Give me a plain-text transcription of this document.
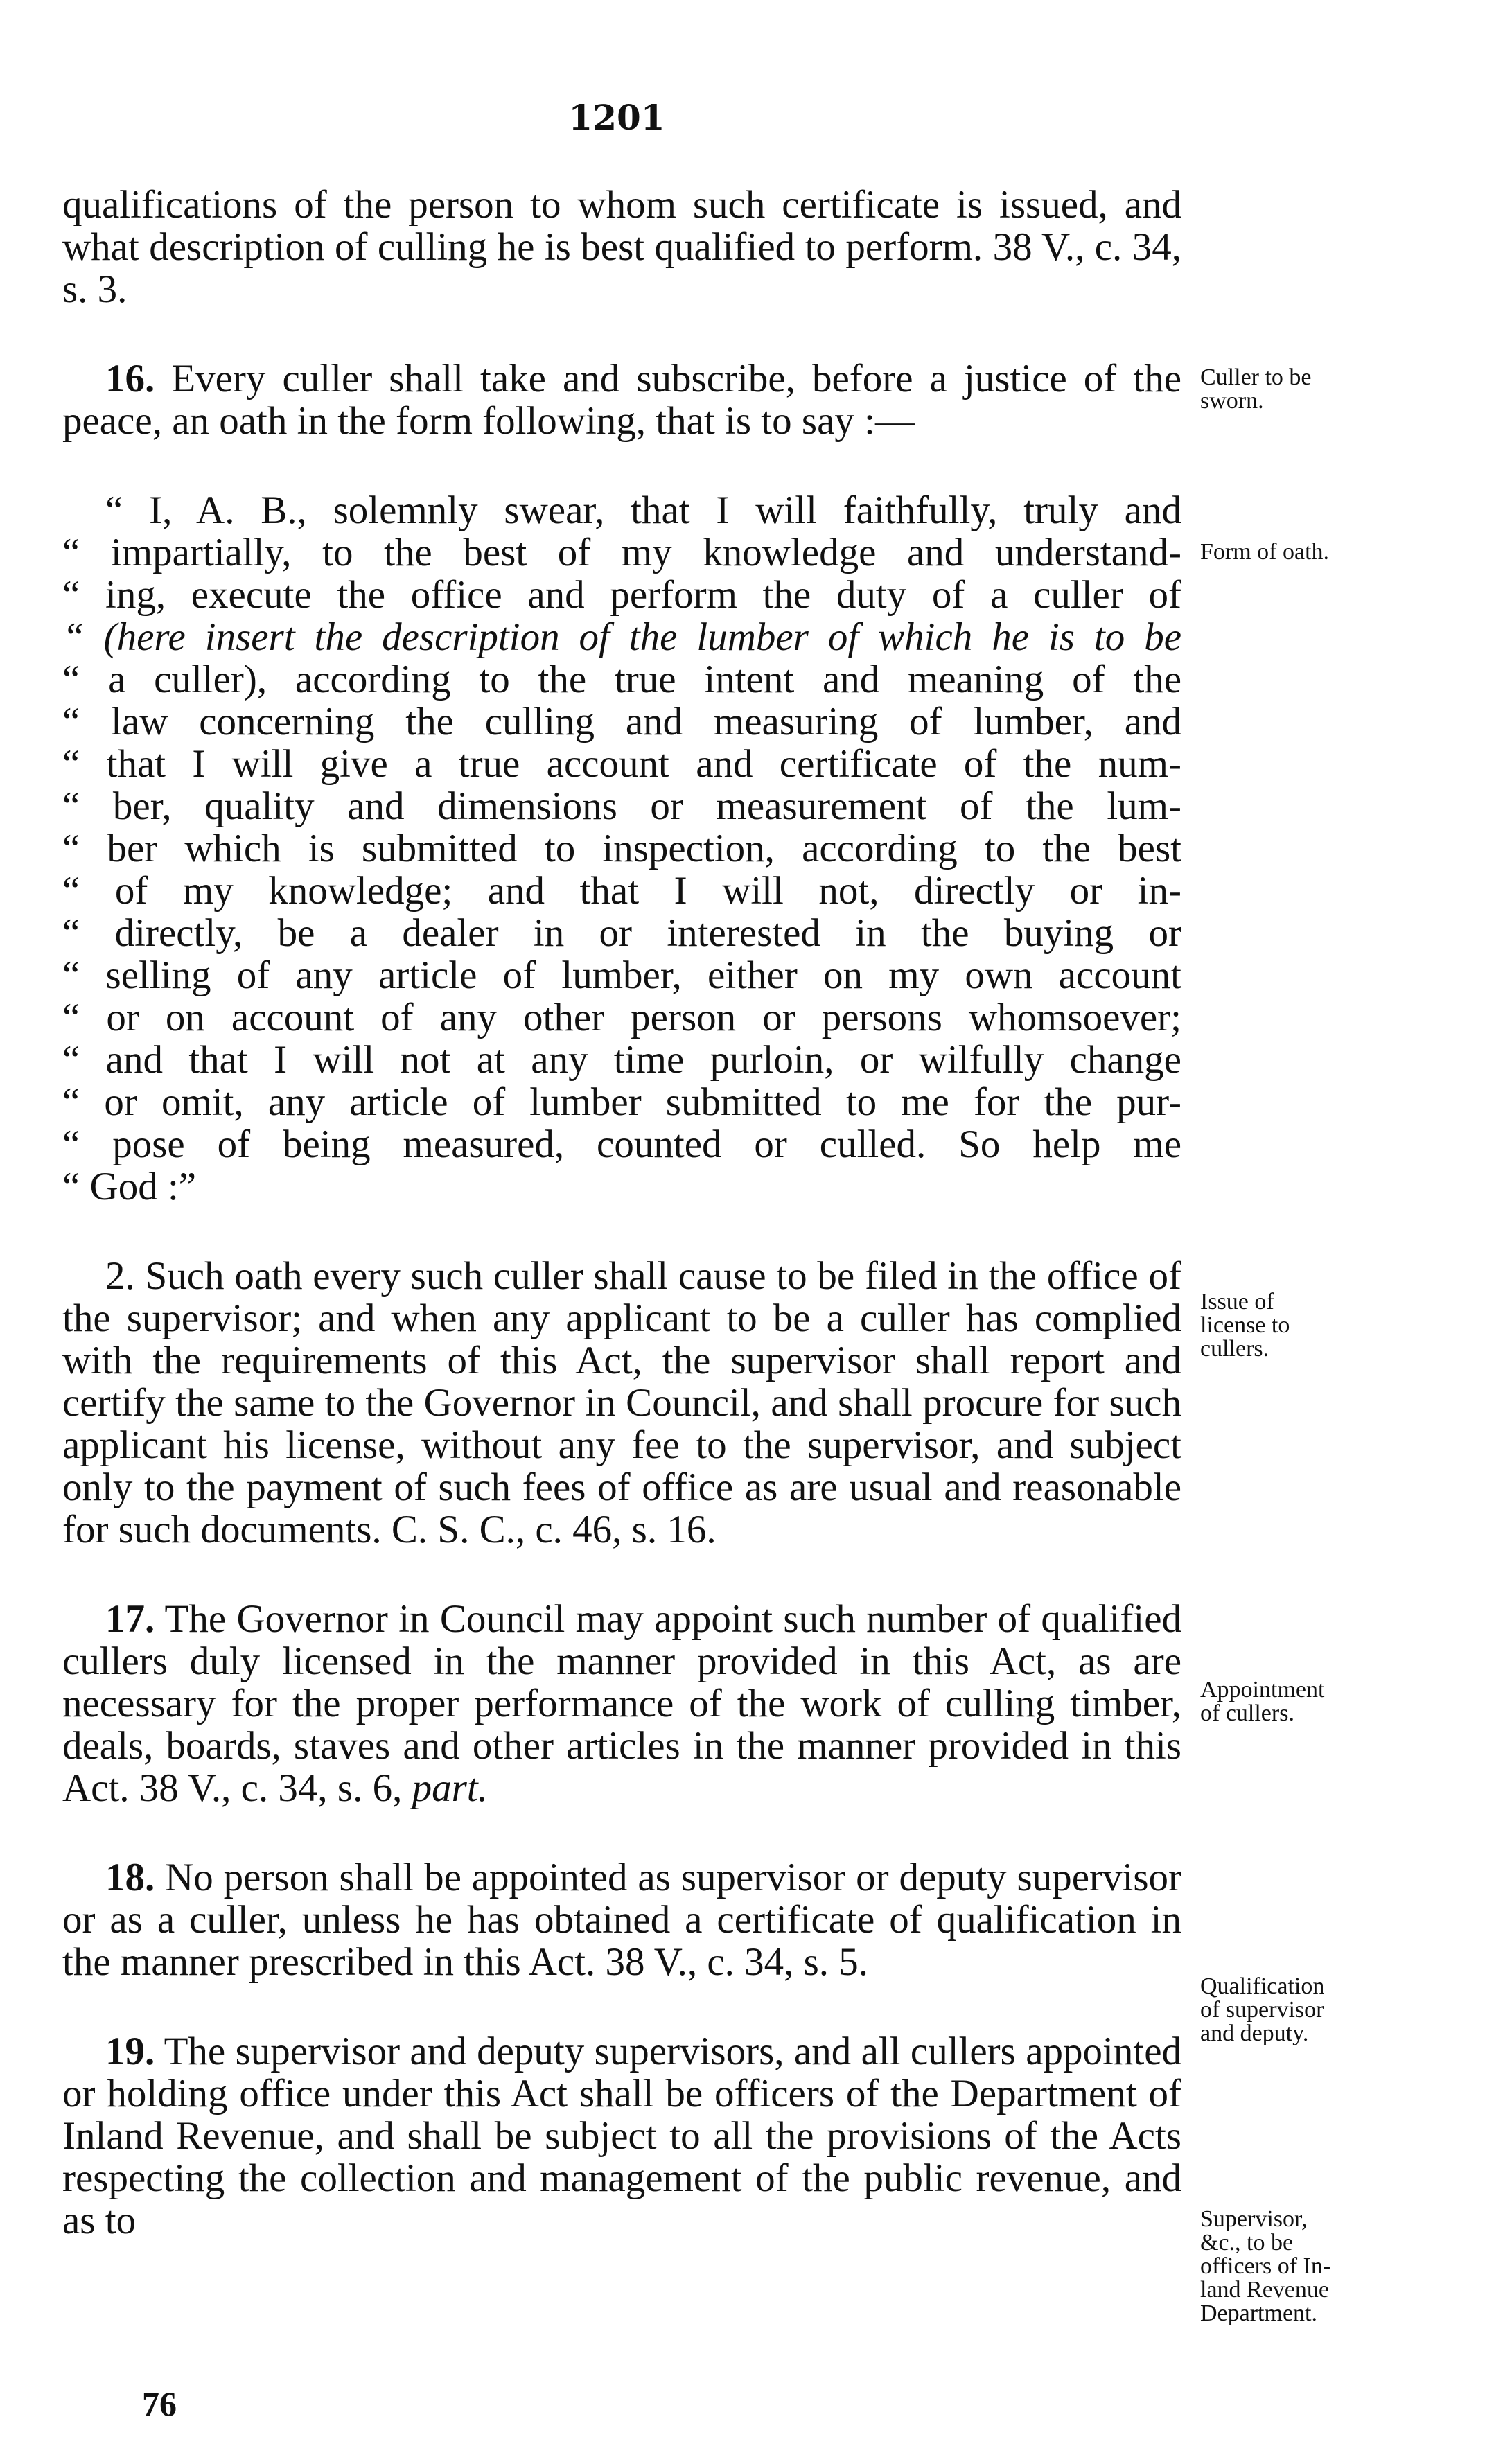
1201

qualifications of the person to whom such certificate is issued, and what description of culling he is best qualified to perform. 38 V., c. 34, s. 3.

16. Every culler shall take and subscribe, before a justice of the peace, an oath in the form following, that is to say :—

“ I, A. B., solemnly swear, that I will faithfully, truly and
“ impartially, to the best of my knowledge and understand-
“ ing, execute the office and perform the duty of a culler of
“ (here insert the description of the lumber of which he is to be
“ a culler), according to the true intent and meaning of the
“ law concerning the culling and measuring of lumber, and
“ that I will give a true account and certificate of the num-
“ ber, quality and dimensions or measurement of the lum-
“ ber which is submitted to inspection, according to the best
“ of my knowledge; and that I will not, directly or in-
“ directly, be a dealer in or interested in the buying or
“ selling of any article of lumber, either on my own account
“ or on account of any other person or persons whomsoever;
“ and that I will not at any time purloin, or wilfully change
“ or omit, any article of lumber submitted to me for the pur-
“ pose of being measured, counted or culled. So help me
“ God :”

2. Such oath every such culler shall cause to be filed in the office of the supervisor; and when any applicant to be a culler has complied with the requirements of this Act, the supervisor shall report and certify the same to the Governor in Council, and shall procure for such applicant his license, without any fee to the supervisor, and subject only to the payment of such fees of office as are usual and reasonable for such documents. C. S. C., c. 46, s. 16.

17. The Governor in Council may appoint such number of qualified cullers duly licensed in the manner provided in this Act, as are necessary for the proper performance of the work of culling timber, deals, boards, staves and other articles in the manner provided in this Act. 38 V., c. 34, s. 6, part.

18. No person shall be appointed as supervisor or deputy supervisor or as a culler, unless he has obtained a certificate of qualification in the manner prescribed in this Act. 38 V., c. 34, s. 5.

19. The supervisor and deputy supervisors, and all cullers appointed or holding office under this Act shall be officers of the Department of Inland Revenue, and shall be subject to all the provisions of the Acts respecting the collection and management of the public revenue, and as to

Culler to be
sworn.
Form of oath.
Issue of
license to
cullers.
Appointment
of cullers.
Qualification
of supervisor
and deputy.
Supervisor,
&c., to be
officers of In-
land Revenue
Department.
76
